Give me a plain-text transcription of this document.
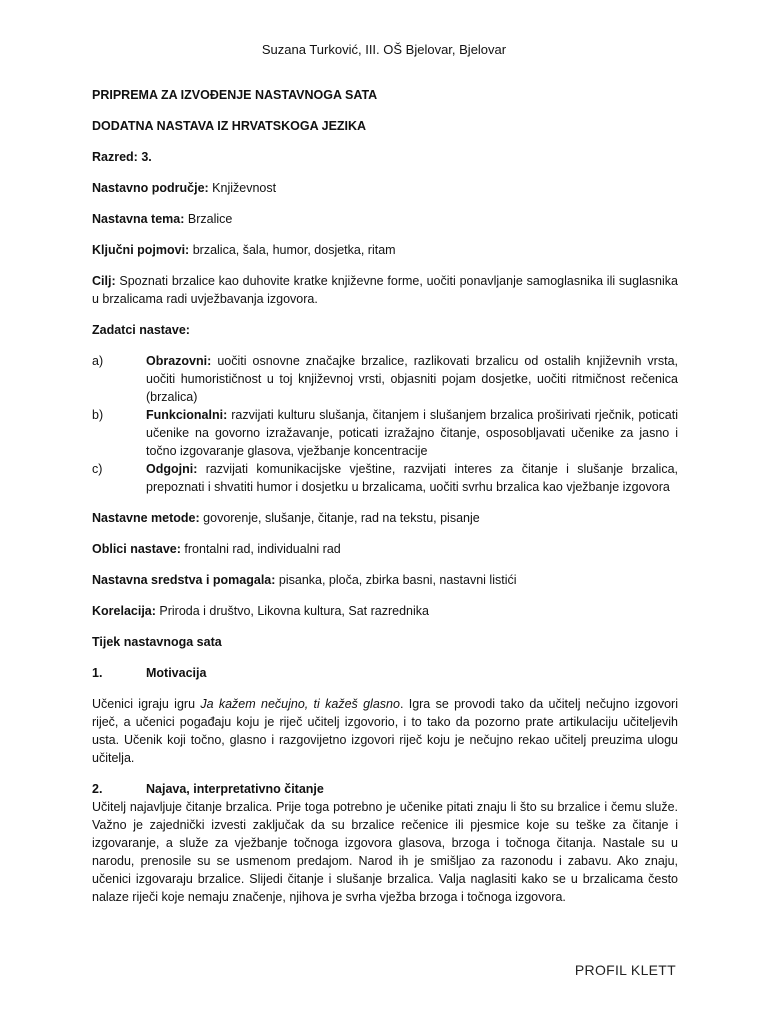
Suzana Turković, III. OŠ Bjelovar, Bjelovar

PRIPREMA ZA IZVOĐENJE NASTAVNOGA SATA

DODATNA NASTAVA IZ HRVATSKOGA JEZIKA

Razred: 3.

Nastavno područje: Književnost

Nastavna tema: Brzalice

Ključni pojmovi: brzalica, šala, humor, dosjetka, ritam

Cilj: Spoznati brzalice kao duhovite kratke književne forme, uočiti ponavljanje samoglasnika ili suglasnika u brzalicama radi uvježbavanja izgovora.

Zadatci nastave:

a)	Obrazovni: uočiti osnovne značajke brzalice, razlikovati brzalicu od ostalih književnih vrsta, uočiti humorističnost u toj književnoj vrsti, objasniti pojam dosjetke, uočiti ritmičnost rečenica (brzalica)
b)	Funkcionalni: razvijati kulturu slušanja, čitanjem i slušanjem brzalica proširivati rječnik, poticati učenike na govorno izražavanje, poticati izražajno čitanje, osposobljavati učenike za jasno i točno izgovaranje glasova, vježbanje koncentracije
c)	Odgojni: razvijati komunikacijske vještine, razvijati interes za čitanje i slušanje brzalica, prepoznati i shvatiti humor i dosjetku u brzalicama, uočiti svrhu brzalica kao vježbanje izgovora

Nastavne metode: govorenje, slušanje, čitanje, rad na tekstu, pisanje

Oblici nastave: frontalni rad, individualni rad

Nastavna sredstva i pomagala: pisanka, ploča, zbirka basni, nastavni listići

Korelacija: Priroda i društvo, Likovna kultura, Sat razrednika

Tijek nastavnoga sata

1.	Motivacija

Učenici igraju igru Ja kažem nečujno, ti kažeš glasno. Igra se provodi tako da učitelj nečujno izgovori riječ, a učenici pogađaju koju je riječ učitelj izgovorio, i to tako da pozorno prate artikulaciju učiteljevih usta. Učenik koji točno, glasno i razgovijetno izgovori riječ koju je nečujno rekao učitelj preuzima ulogu učitelja.

2.	Najava, interpretativno čitanje

Učitelj najavljuje čitanje brzalica. Prije toga potrebno je učenike pitati znaju li što su brzalice i čemu služe. Važno je zajednički izvesti zaključak da su brzalice rečenice ili pjesmice koje su teške za čitanje i izgovaranje, a služe za vježbanje točnoga izgovora glasova, brzoga i točnoga čitanja. Nastale su u narodu, prenosile su se usmenom predajom. Narod ih je smišljao za razonodu i zabavu. Ako znaju, učenici izgovaraju brzalice. Slijedi čitanje i slušanje brzalica. Valja naglasiti kako se u brzalicama često nalaze riječi koje nemaju značenje, njihova je svrha vježba brzoga i točnoga izgovora.

PROFIL KLETT
